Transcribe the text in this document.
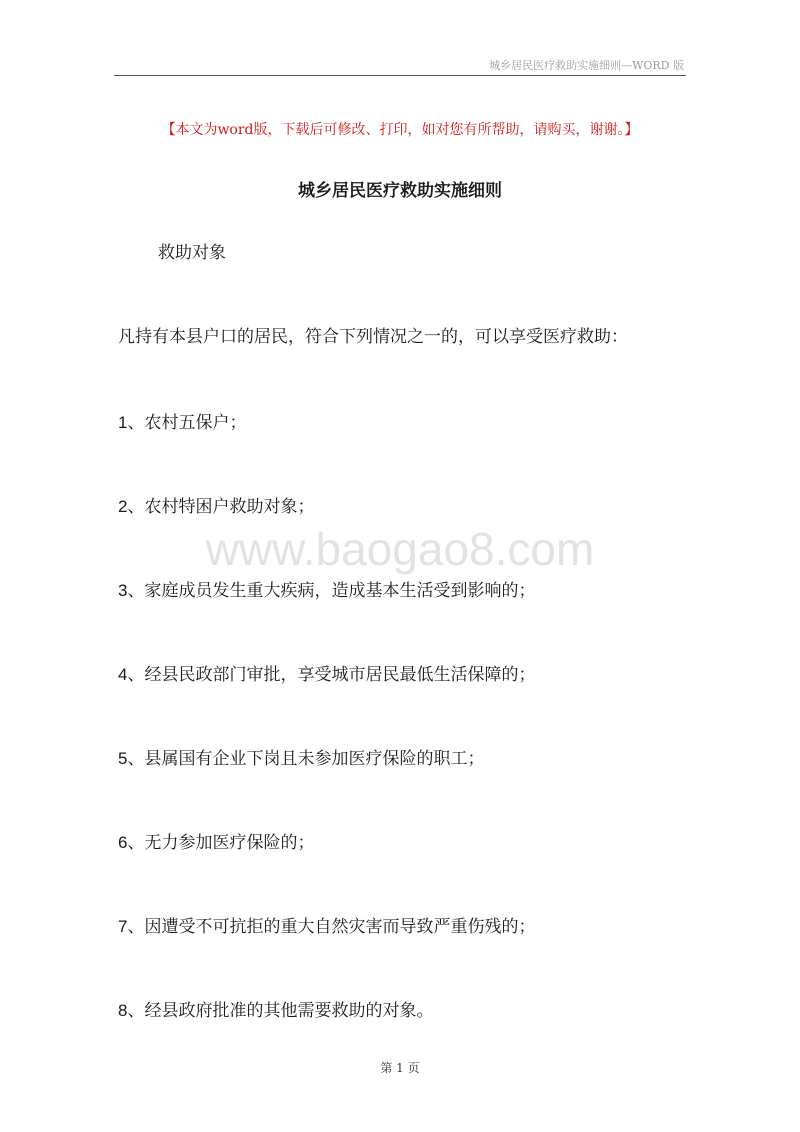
城乡居民医疗救助实施细则—WORD 版
【本文为word版，下载后可修改、打印，如对您有所帮助，请购买，谢谢。】
城乡居民医疗救助实施细则
救助对象
凡持有本县户口的居民，符合下列情况之一的，可以享受医疗救助：
1、农村五保户；
2、农村特困户救助对象；
3、家庭成员发生重大疾病，造成基本生活受到影响的；
4、经县民政部门审批，享受城市居民最低生活保障的；
5、县属国有企业下岗且未参加医疗保险的职工；
6、无力参加医疗保险的；
7、因遭受不可抗拒的重大自然灾害而导致严重伤残的；
8、经县政府批准的其他需要救助的对象。
www.baogao8.com
第 1 页
